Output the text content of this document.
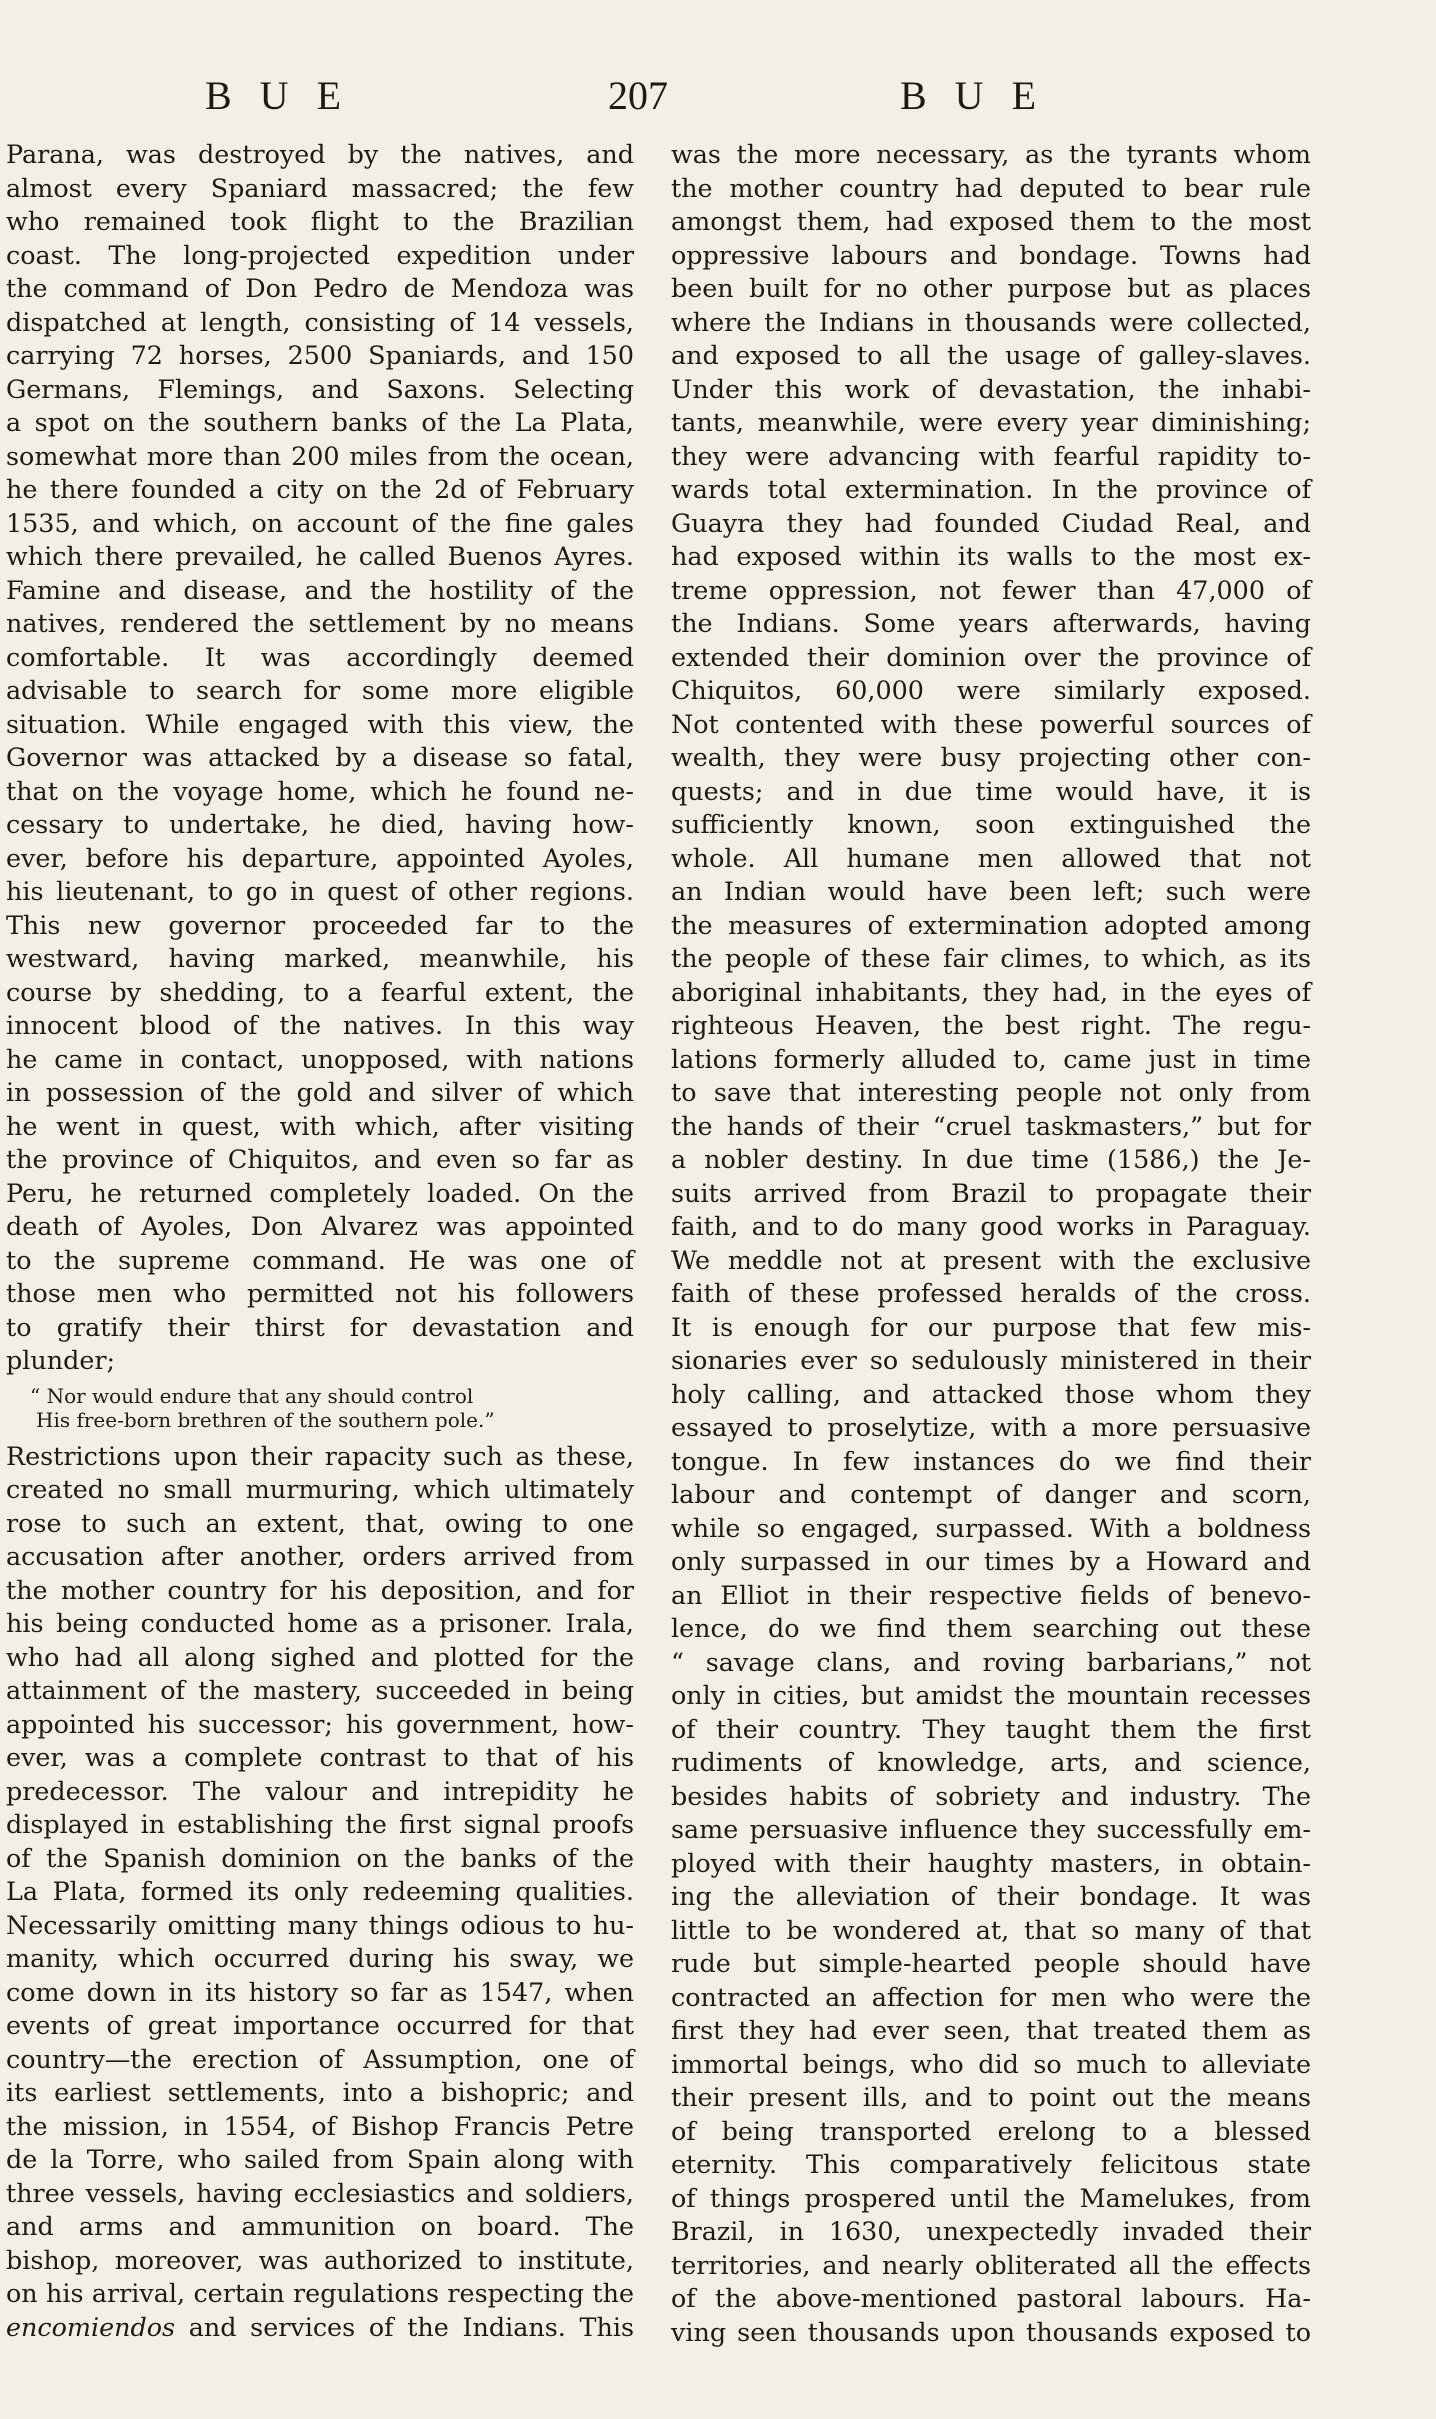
BUE	207	BUE
Parana, was destroyed by the natives, and
almost every Spaniard massacred; the few
who remained took flight to the Brazilian
coast. The long-projected expedition under
the command of Don Pedro de Mendoza was
dispatched at length, consisting of 14 vessels,
carrying 72 horses, 2500 Spaniards, and 150
Germans, Flemings, and Saxons. Selecting
a spot on the southern banks of the La Plata,
somewhat more than 200 miles from the ocean,
he there founded a city on the 2d of February
1535, and which, on account of the fine gales
which there prevailed, he called Buenos Ayres.
Famine and disease, and the hostility of the
natives, rendered the settlement by no means
comfortable. It was accordingly deemed
advisable to search for some more eligible
situation. While engaged with this view, the
Governor was attacked by a disease so fatal,
that on the voyage home, which he found ne-
cessary to undertake, he died, having how-
ever, before his departure, appointed Ayoles,
his lieutenant, to go in quest of other regions.
This new governor proceeded far to the
westward, having marked, meanwhile, his
course by shedding, to a fearful extent, the
innocent blood of the natives. In this way
he came in contact, unopposed, with nations
in possession of the gold and silver of which
he went in quest, with which, after visiting
the province of Chiquitos, and even so far as
Peru, he returned completely loaded. On the
death of Ayoles, Don Alvarez was appointed
to the supreme command. He was one of
those men who permitted not his followers
to gratify their thirst for devastation and
plunder;
“ Nor would endure that any should control
His free-born brethren of the southern pole.”
Restrictions upon their rapacity such as these,
created no small murmuring, which ultimately
rose to such an extent, that, owing to one
accusation after another, orders arrived from
the mother country for his deposition, and for
his being conducted home as a prisoner. Irala,
who had all along sighed and plotted for the
attainment of the mastery, succeeded in being
appointed his successor; his government, how-
ever, was a complete contrast to that of his
predecessor. The valour and intrepidity he
displayed in establishing the first signal proofs
of the Spanish dominion on the banks of the
La Plata, formed its only redeeming qualities.
Necessarily omitting many things odious to hu-
manity, which occurred during his sway, we
come down in its history so far as 1547, when
events of great importance occurred for that
country—the erection of Assumption, one of
its earliest settlements, into a bishopric; and
the mission, in 1554, of Bishop Francis Petre
de la Torre, who sailed from Spain along with
three vessels, having ecclesiastics and soldiers,
and arms and ammunition on board. The
bishop, moreover, was authorized to institute,
on his arrival, certain regulations respecting the
encomiendos and services of the Indians. This
was the more necessary, as the tyrants whom
the mother country had deputed to bear rule
amongst them, had exposed them to the most
oppressive labours and bondage. Towns had
been built for no other purpose but as places
where the Indians in thousands were collected,
and exposed to all the usage of galley-slaves.
Under this work of devastation, the inhabi-
tants, meanwhile, were every year diminishing;
they were advancing with fearful rapidity to-
wards total extermination. In the province of
Guayra they had founded Ciudad Real, and
had exposed within its walls to the most ex-
treme oppression, not fewer than 47,000 of
the Indians. Some years afterwards, having
extended their dominion over the province of
Chiquitos, 60,000 were similarly exposed.
Not contented with these powerful sources of
wealth, they were busy projecting other con-
quests; and in due time would have, it is
sufficiently known, soon extinguished the
whole. All humane men allowed that not
an Indian would have been left; such were
the measures of extermination adopted among
the people of these fair climes, to which, as its
aboriginal inhabitants, they had, in the eyes of
righteous Heaven, the best right. The regu-
lations formerly alluded to, came just in time
to save that interesting people not only from
the hands of their “cruel taskmasters,” but for
a nobler destiny. In due time (1586,) the Je-
suits arrived from Brazil to propagate their
faith, and to do many good works in Paraguay.
We meddle not at present with the exclusive
faith of these professed heralds of the cross.
It is enough for our purpose that few mis-
sionaries ever so sedulously ministered in their
holy calling, and attacked those whom they
essayed to proselytize, with a more persuasive
tongue. In few instances do we find their
labour and contempt of danger and scorn,
while so engaged, surpassed. With a boldness
only surpassed in our times by a Howard and
an Elliot in their respective fields of benevo-
lence, do we find them searching out these
“ savage clans, and roving barbarians,” not
only in cities, but amidst the mountain recesses
of their country. They taught them the first
rudiments of knowledge, arts, and science,
besides habits of sobriety and industry. The
same persuasive influence they successfully em-
ployed with their haughty masters, in obtain-
ing the alleviation of their bondage. It was
little to be wondered at, that so many of that
rude but simple-hearted people should have
contracted an affection for men who were the
first they had ever seen, that treated them as
immortal beings, who did so much to alleviate
their present ills, and to point out the means
of being transported erelong to a blessed
eternity. This comparatively felicitous state
of things prospered until the Mamelukes, from
Brazil, in 1630, unexpectedly invaded their
territories, and nearly obliterated all the effects
of the above-mentioned pastoral labours. Ha-
ving seen thousands upon thousands exposed to
